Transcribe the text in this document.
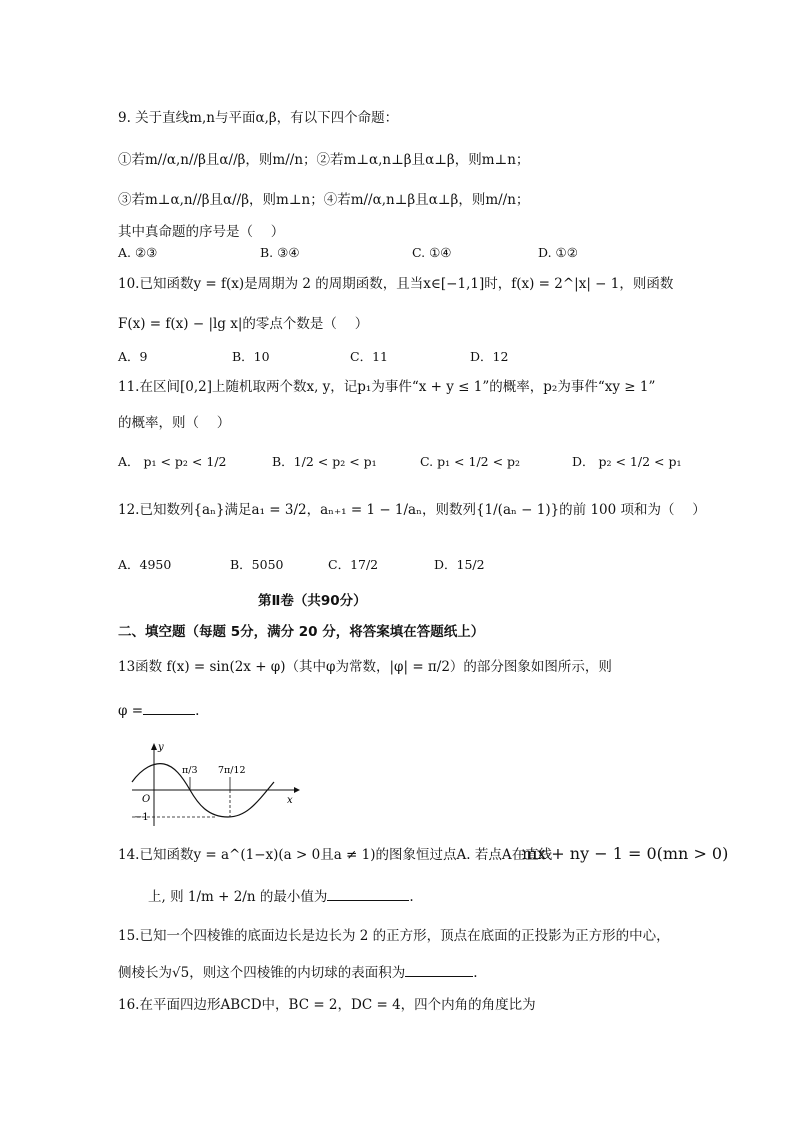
9. 关于直线m,n与平面α,β，有以下四个命题：
①若m//α,n//β且α//β，则m//n；②若m⊥α,n⊥β且α⊥β，则m⊥n；
③若m⊥α,n//β且α//β，则m⊥n；④若m//α,n⊥β且α⊥β，则m//n；
其中真命题的序号是（　 ）
A. ②③	B. ③④	C. ①④	D. ①②
10.已知函数y = f(x)是周期为 2 的周期函数，且当x∈[−1,1]时，f(x) = 2^|x| − 1，则函数
F(x) = f(x) − |lg x|的零点个数是（　 ）
A．9	B．10	C．11	D．12
11.在区间[0,2]上随机取两个数x, y，记p₁为事件“x + y ≤ 1”的概率，p₂为事件“xy ≥ 1”
的概率，则（　 ）
A． p₁ < p₂ < 1/2	B．1/2 < p₂ < p₁	C. p₁ < 1/2 < p₂	D． p₂ < 1/2 < p₁
12.已知数列{aₙ}满足a₁ = 3/2，aₙ₊₁ = 1 − 1/aₙ，则数列{1/(aₙ − 1)}的前 100 项和为（　 ）
A．4950	B．5050	C．17/2	D．15/2
第Ⅱ卷（共90分）
二、填空题（每题 5分，满分 20 分，将答案填在答题纸上）
13函数 f(x) = sin(2x + φ)（其中φ为常数，|φ| = π/2）的部分图象如图所示，则
φ =	.
y
x
O
−1
π/3 7π/12
14.已知函数y = a^(1−x)(a > 0且a ≠ 1)的图象恒过点A. 若点A在直线
mx + ny − 1 = 0(mn > 0)
上, 则 1/m + 2/n 的最小值为	.
15.已知一个四棱锥的底面边长是边长为 2 的正方形，顶点在底面的正投影为正方形的中心，
侧棱长为√5，则这个四棱锥的内切球的表面积为	.
16.在平面四边形ABCD中，BC = 2，DC = 4，四个内角的角度比为
